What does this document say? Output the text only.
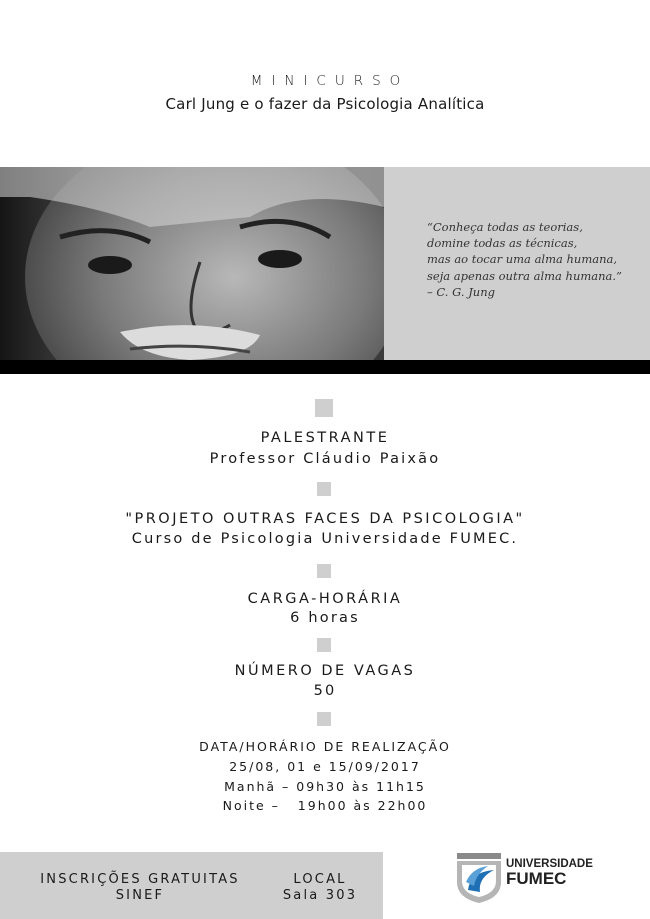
MINICURSO
Carl Jung e o fazer da Psicologia Analítica
“Conheça todas as teorias,
domine todas as técnicas,
mas ao tocar uma alma humana,
seja apenas outra alma humana.”
– C. G. Jung
PALESTRANTE
Professor Cláudio Paixão
"PROJETO OUTRAS FACES DA PSICOLOGIA"
Curso de Psicologia Universidade FUMEC.
CARGA-HORÁRIA
6 horas
NÚMERO DE VAGAS
50
DATA/HORÁRIO DE REALIZAÇÃO
25/08, 01 e 15/09/2017
Manhã – 09h30 às 11h15
Noite –   19h00 às 22h00
INSCRIÇÕES GRATUITAS
SINEF
LOCAL
Sala 303
UNIVERSIDADE
FUMEC
